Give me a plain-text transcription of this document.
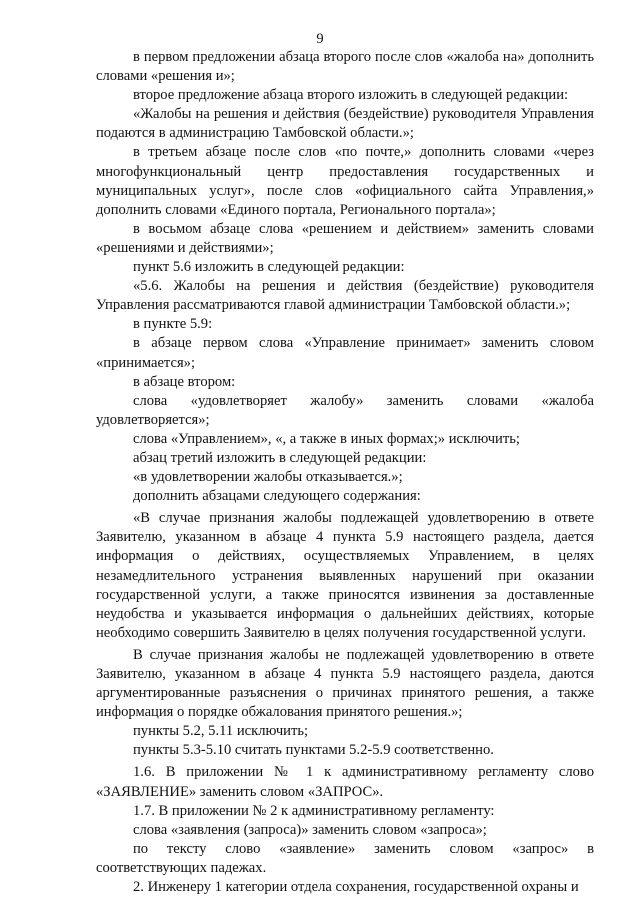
9

в первом предложении абзаца второго после слов «жалоба на» дополнить словами «решения и»;

второе предложение абзаца второго изложить в следующей редакции:

«Жалобы на решения и действия (бездействие) руководителя Управления подаются в администрацию Тамбовской области.»;

в третьем абзаце после слов «по почте,» дополнить словами «через многофункциональный центр предоставления государственных и муниципальных услуг», после слов «официального сайта Управления,» дополнить словами «Единого портала, Регионального портала»;

в восьмом абзаце слова «решением и действием» заменить словами «решениями и действиями»;

пункт 5.6 изложить в следующей редакции:

«5.6. Жалобы на решения и действия (бездействие) руководителя Управления рассматриваются главой администрации Тамбовской области.»;

в пункте 5.9:

в абзаце первом слова «Управление принимает» заменить словом «принимается»;

в абзаце втором:

слова «удовлетворяет жалобу» заменить словами «жалоба удовлетворяется»;

слова «Управлением», «, а также в иных формах;» исключить;

абзац третий изложить в следующей редакции:

«в удовлетворении жалобы отказывается.»;

дополнить абзацами следующего содержания:

«В случае признания жалобы подлежащей удовлетворению в ответе Заявителю, указанном в абзаце 4 пункта 5.9 настоящего раздела, дается информация о действиях, осуществляемых Управлением, в целях незамедлительного устранения выявленных нарушений при оказании государственной услуги, а также приносятся извинения за доставленные неудобства и указывается информация о дальнейших действиях, которые необходимо совершить Заявителю в целях получения государственной услуги.

В случае признания жалобы не подлежащей удовлетворению в ответе Заявителю, указанном в абзаце 4 пункта 5.9 настоящего раздела, даются аргументированные разъяснения о причинах принятого решения, а также информация о порядке обжалования принятого решения.»;

пункты 5.2, 5.11 исключить;

пункты 5.3-5.10 считать пунктами 5.2-5.9 соответственно.

1.6. В приложении № 1 к административному регламенту слово «ЗАЯВЛЕНИЕ» заменить словом «ЗАПРОС».

1.7. В приложении № 2 к административному регламенту:

слова «заявления (запроса)» заменить словом «запроса»;

по тексту слово «заявление» заменить словом «запрос» в соответствующих падежах.

2. Инженеру 1 категории отдела сохранения, государственной охраны и
